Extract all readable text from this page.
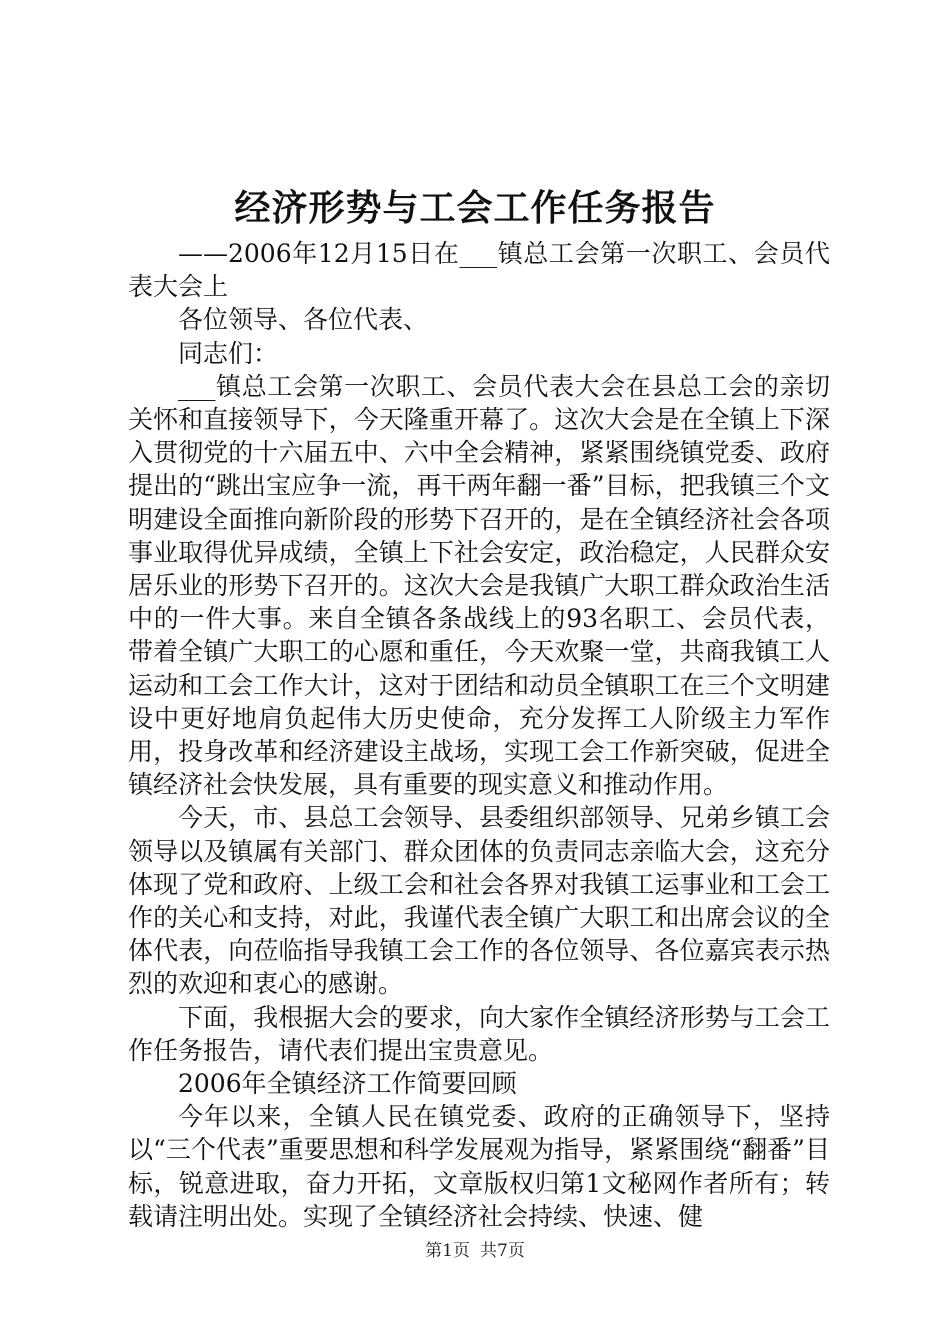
经济形势与工会工作任务报告

——2006年12月15日在___镇总工会第一次职工、会员代表大会上

各位领导、各位代表、

同志们：

___镇总工会第一次职工、会员代表大会在县总工会的亲切关怀和直接领导下，今天隆重开幕了。这次大会是在全镇上下深入贯彻党的十六届五中、六中全会精神，紧紧围绕镇党委、政府提出的“跳出宝应争一流，再干两年翻一番”目标，把我镇三个文明建设全面推向新阶段的形势下召开的，是在全镇经济社会各项事业取得优异成绩，全镇上下社会安定，政治稳定，人民群众安居乐业的形势下召开的。这次大会是我镇广大职工群众政治生活中的一件大事。来自全镇各条战线上的93名职工、会员代表，带着全镇广大职工的心愿和重任，今天欢聚一堂，共商我镇工人运动和工会工作大计，这对于团结和动员全镇职工在三个文明建设中更好地肩负起伟大历史使命，充分发挥工人阶级主力军作用，投身改革和经济建设主战场，实现工会工作新突破，促进全镇经济社会快发展，具有重要的现实意义和推动作用。

今天，市、县总工会领导、县委组织部领导、兄弟乡镇工会领导以及镇属有关部门、群众团体的负责同志亲临大会，这充分体现了党和政府、上级工会和社会各界对我镇工运事业和工会工作的关心和支持，对此，我谨代表全镇广大职工和出席会议的全体代表，向莅临指导我镇工会工作的各位领导、各位嘉宾表示热烈的欢迎和衷心的感谢。

下面，我根据大会的要求，向大家作全镇经济形势与工会工作任务报告，请代表们提出宝贵意见。

2006年全镇经济工作简要回顾

今年以来，全镇人民在镇党委、政府的正确领导下，坚持以“三个代表”重要思想和科学发展观为指导，紧紧围绕“翻番”目标，锐意进取，奋力开拓，文章版权归第1文秘网作者所有；转载请注明出处。实现了全镇经济社会持续、快速、健

第1页 共7页
